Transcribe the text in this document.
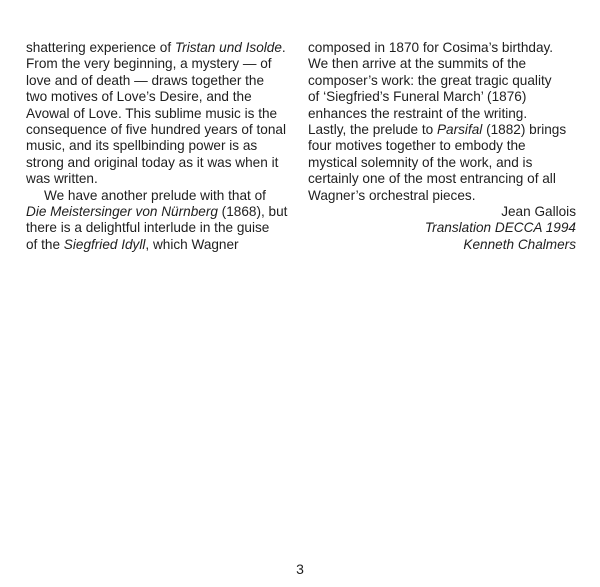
shattering experience of Tristan und Isolde.
From the very beginning, a mystery — of
love and of death — draws together the
two motives of Love’s Desire, and the
Avowal of Love. This sublime music is the
consequence of five hundred years of tonal
music, and its spellbinding power is as
strong and original today as it was when it
was written.
We have another prelude with that of
Die Meistersinger von Nürnberg (1868), but
there is a delightful interlude in the guise
of the Siegfried Idyll, which Wagner
composed in 1870 for Cosima’s birthday.
We then arrive at the summits of the
composer’s work: the great tragic quality
of ‘Siegfried’s Funeral March’ (1876)
enhances the restraint of the writing.
Lastly, the prelude to Parsifal (1882) brings
four motives together to embody the
mystical solemnity of the work, and is
certainly one of the most entrancing of all
Wagner’s orchestral pieces.
Jean Gallois
Translation DECCA 1994
Kenneth Chalmers
3
